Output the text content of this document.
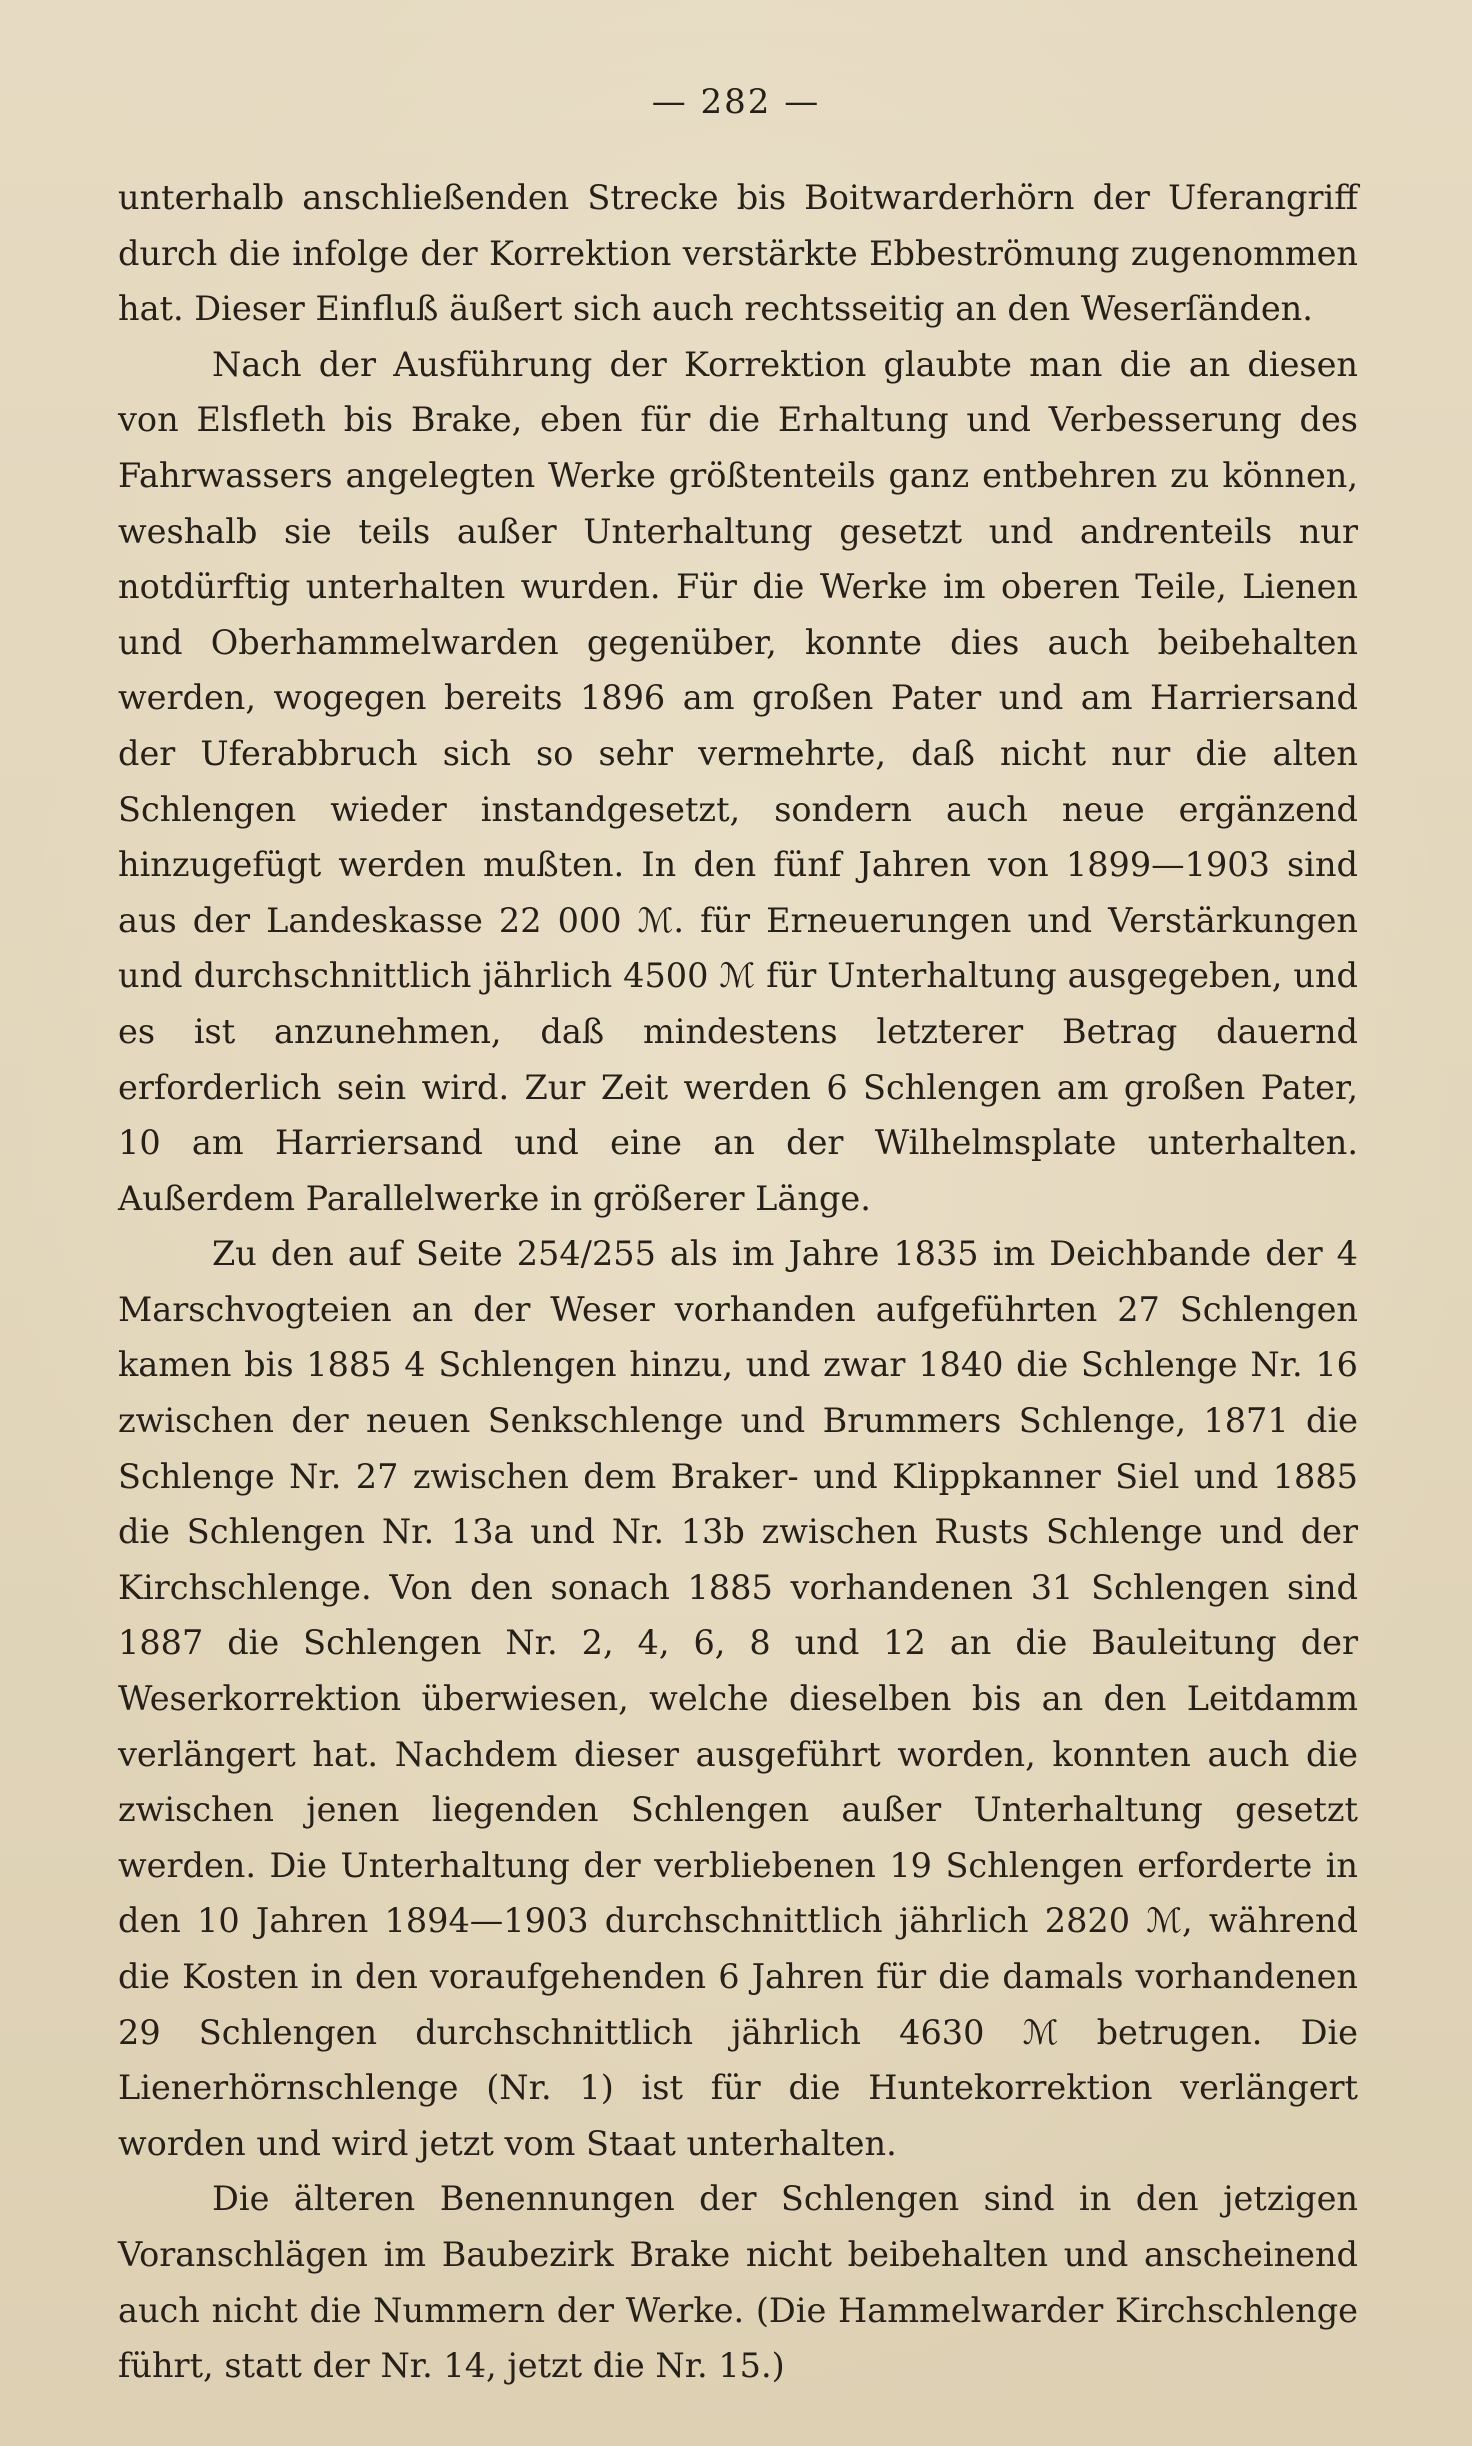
— 282 —

unterhalb anschließenden Strecke bis Boitwarderhörn der Uferangriff durch die infolge der Korrektion verstärkte Ebbeströmung zugenommen hat. Dieser Einfluß äußert sich auch rechtsseitig an den Weserſänden.

Nach der Ausführung der Korrektion glaubte man die an diesen von Elsfleth bis Brake, eben für die Erhaltung und Verbesserung des Fahrwassers angelegten Werke größtenteils ganz entbehren zu können, weshalb sie teils außer Unterhaltung gesetzt und andrenteils nur notdürftig unterhalten wurden. Für die Werke im oberen Teile, Lienen und Oberhammelwarden gegenüber, konnte dies auch beibehalten werden, wogegen bereits 1896 am großen Pater und am Harriersand der Uferabbruch sich so sehr vermehrte, daß nicht nur die alten Schlengen wieder instandgesetzt, sondern auch neue ergänzend hinzugefügt werden mußten. In den fünf Jahren von 1899—1903 sind aus der Landeskasse 22 000 ℳ. für Erneuerungen und Verstärkungen und durchschnittlich jährlich 4500 ℳ für Unterhaltung ausgegeben, und es ist anzunehmen, daß mindestens letzterer Betrag dauernd erforderlich sein wird. Zur Zeit werden 6 Schlengen am großen Pater, 10 am Harriersand und eine an der Wilhelmsplate unterhalten. Außerdem Parallelwerke in größerer Länge.

Zu den auf Seite 254/255 als im Jahre 1835 im Deichbande der 4 Marschvogteien an der Weser vorhanden aufgeführten 27 Schlengen kamen bis 1885 4 Schlengen hinzu, und zwar 1840 die Schlenge Nr. 16 zwischen der neuen Senkschlenge und Brummers Schlenge, 1871 die Schlenge Nr. 27 zwischen dem Braker- und Klippkanner Siel und 1885 die Schlengen Nr. 13a und Nr. 13b zwischen Rusts Schlenge und der Kirchschlenge. Von den sonach 1885 vorhandenen 31 Schlengen sind 1887 die Schlengen Nr. 2, 4, 6, 8 und 12 an die Bauleitung der Weserkorrektion überwiesen, welche dieselben bis an den Leitdamm verlängert hat. Nachdem dieser ausgeführt worden, konnten auch die zwischen jenen liegenden Schlengen außer Unterhaltung gesetzt werden. Die Unterhaltung der verbliebenen 19 Schlengen erforderte in den 10 Jahren 1894—1903 durchschnittlich jährlich 2820 ℳ, während die Kosten in den voraufgehenden 6 Jahren für die damals vorhandenen 29 Schlengen durchschnittlich jährlich 4630 ℳ betrugen. Die Lienerhörnschlenge (Nr. 1) ist für die Huntekorrektion verlängert worden und wird jetzt vom Staat unterhalten.

Die älteren Benennungen der Schlengen sind in den jetzigen Voranschlägen im Baubezirk Brake nicht beibehalten und anscheinend auch nicht die Nummern der Werke. (Die Hammelwarder Kirchschlenge führt, statt der Nr. 14, jetzt die Nr. 15.)
